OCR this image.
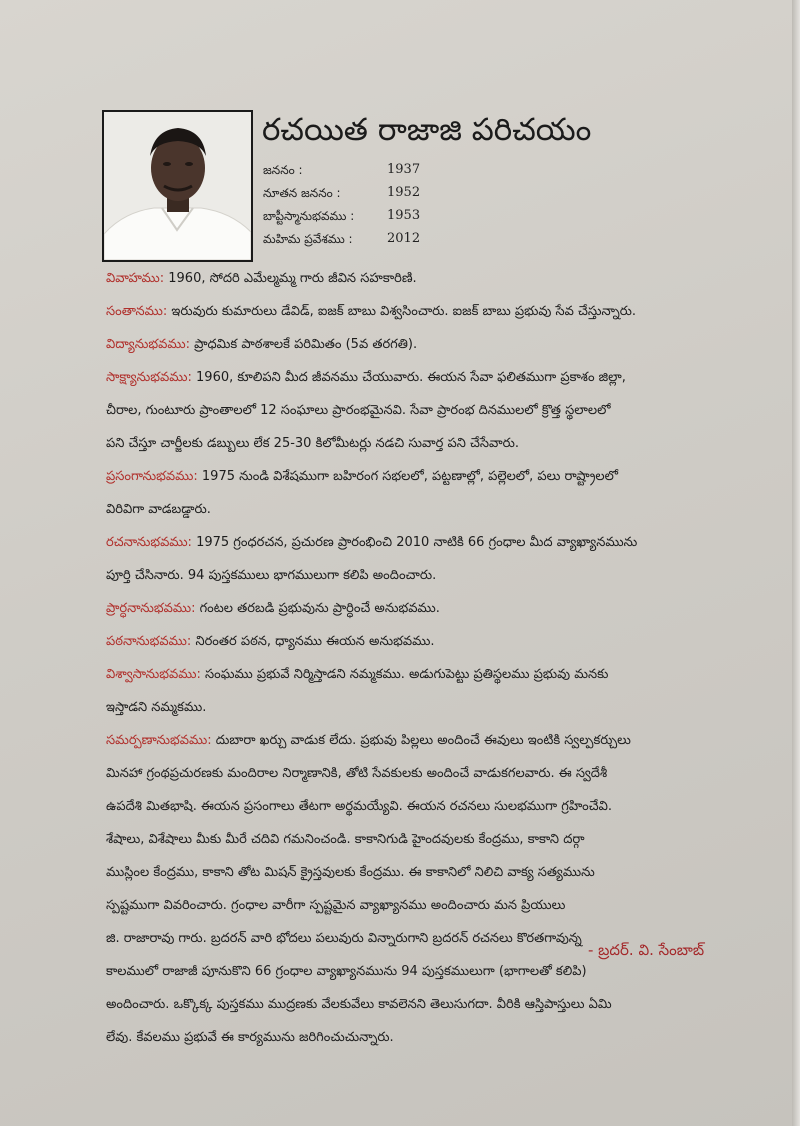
రచయిత రాజాజి పరిచయం
జననం :	1937
నూతన జననం :	1952
బాప్టీస్మానుభవము :	1953
మహిమ ప్రవేశము :	2012
వివాహము: 1960, సోదరి ఎమేల్మమ్మ గారు జీవిన సహకారిణి.
సంతానము: ఇరువురు కుమారులు డేవిడ్, ఐజక్ బాబు విశ్వసించారు. ఐజక్ బాబు ప్రభువు సేవ చేస్తున్నారు.
విద్యానుభవము: ప్రాధమిక పాఠశాలకే పరిమితం (5వ తరగతి).
సాక్ష్యానుభవము: 1960, కూలిపని మీద జీవనము చేయువారు. ఈయన సేవా ఫలితముగా ప్రకాశం జిల్లా,
చీరాల, గుంటూరు ప్రాంతాలలో 12 సంఘాలు ప్రారంభమైనవి. సేవా ప్రారంభ దినములలో క్రొత్త స్థలాలలో
పని చేస్తూ చార్జీలకు డబ్బులు లేక 25-30 కిలోమీటర్లు నడచి సువార్త పని చేసేవారు.
ప్రసంగానుభవము: 1975 నుండి విశేషముగా బహిరంగ సభలలో, పట్టణాల్లో, పల్లెలలో, పలు రాష్ట్రాలలో
విరివిగా వాడబడ్డారు.
రచనానుభవము: 1975 గ్రంధరచన, ప్రచురణ ప్రారంభించి 2010 నాటికి 66 గ్రంధాల మీద వ్యాఖ్యానమును
పూర్తి చేసినారు. 94 పుస్తకములు భాగములుగా కలిపి అందించారు.
ప్రార్ధనానుభవము: గంటల తరబడి ప్రభువును ప్రార్ధించే అనుభవము.
పఠనానుభవము: నిరంతర పఠన, ధ్యానము ఈయన అనుభవము.
విశ్వాసానుభవము: సంఘము ప్రభువే నిర్మిస్తాడని నమ్మకము. అడుగుపెట్టు ప్రతిస్థలము ప్రభువు మనకు
ఇస్తాడని నమ్మకము.
సమర్పణానుభవము: దుబారా ఖర్చు వాడుక లేదు. ప్రభువు పిల్లలు అందించే ఈవులు ఇంటికి స్వల్పకర్చులు
మినహా గ్రంథప్రచురణకు మందిరాల నిర్మాణానికి, తోటి సేవకులకు అందించే వాడుకగలవారు. ఈ స్వదేశీ
ఉపదేశి మితభాషి. ఈయన ప్రసంగాలు తేటగా అర్థమయ్యేవి. ఈయన రచనలు సులభముగా గ్రహించేవి.
శేషాలు, విశేషాలు మీకు మీరే చదివి గమనించండి. కాకానిగుడి హైందవులకు కేంద్రము, కాకాని దర్గా
ముస్లింల కేంద్రము, కాకాని తోట మిషన్ క్రైస్తవులకు కేంద్రము. ఈ కాకానిలో నిలిచి వాక్య సత్యమును
స్పష్టముగా వివరించారు. గ్రంధాల వారీగా స్పష్టమైన వ్యాఖ్యానము అందించారు మన ప్రియులు
జి. రాజారావు గారు. బ్రదరన్ వారి భోదలు పలువురు విన్నారుగాని బ్రదరన్ రచనలు కొరతగావున్న
కాలములో రాజాజీ పూనుకొని 66 గ్రంధాల వ్యాఖ్యానమును 94 పుస్తకములుగా (భాగాలతో కలిపి)
అందించారు. ఒక్కొక్క పుస్తకము ముద్రణకు వేలకువేలు కావలెనని తెలుసుగదా. వీరికి ఆస్తిపాస్తులు ఏమి
లేవు. కేవలము ప్రభువే ఈ కార్యమును జరిగించుచున్నారు.
- బ్రదర్. వి. సేంబాబ్
